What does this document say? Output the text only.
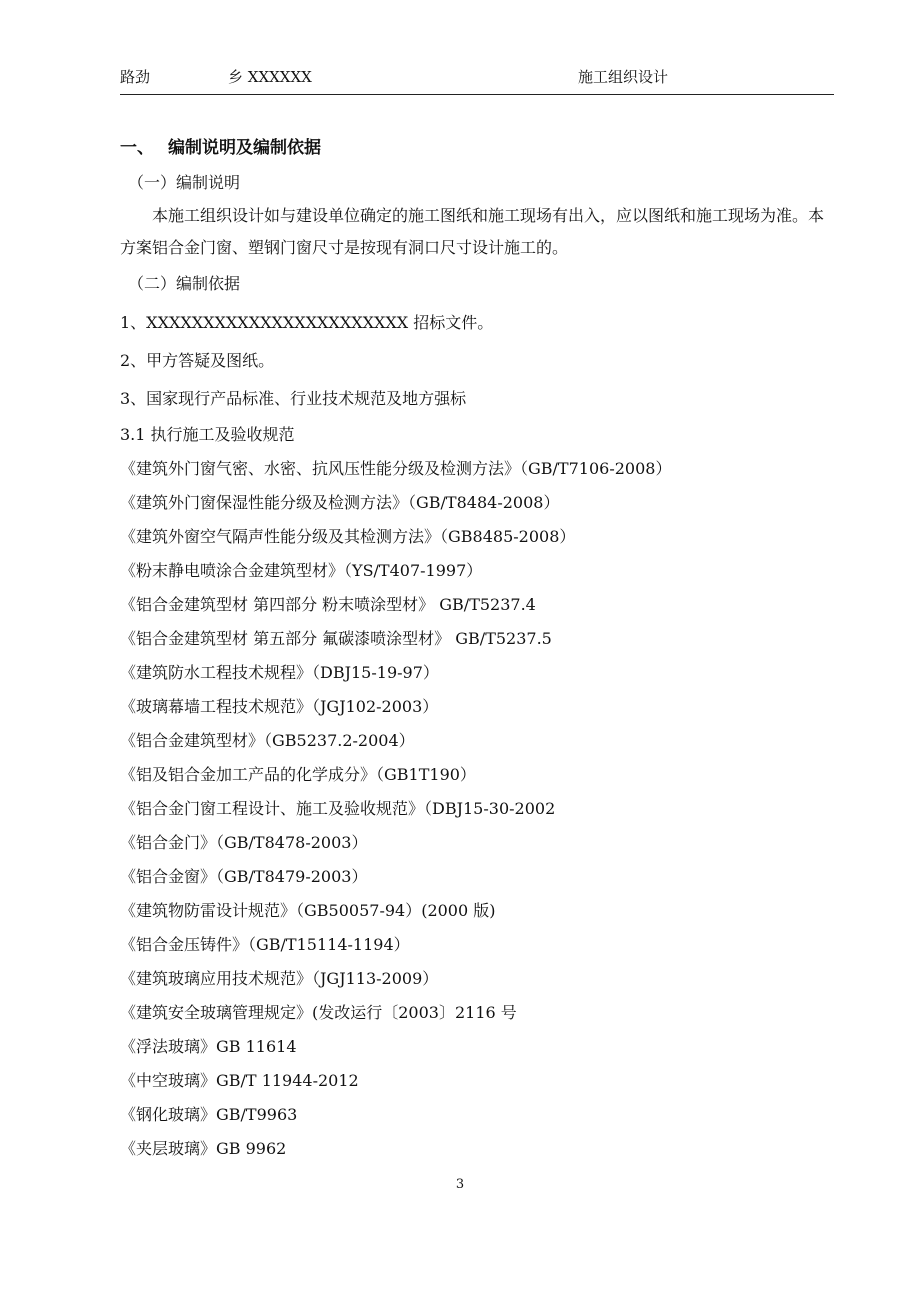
路劲	乡 XXXXXX	施工组织设计
一、 编制说明及编制依据
（一）编制说明

本施工组织设计如与建设单位确定的施工图纸和施工现场有出入，应以图纸和施工现场为准。本方案铝合金门窗、塑钢门窗尺寸是按现有洞口尺寸设计施工的。

（二）编制依据
1、XXXXXXXXXXXXXXXXXXXXXXX 招标文件。
2、甲方答疑及图纸。
3、国家现行产品标准、行业技术规范及地方强标
3.1 执行施工及验收规范
《建筑外门窗气密、水密、抗风压性能分级及检测方法》（GB/T7106-2008）
《建筑外门窗保湿性能分级及检测方法》（GB/T8484-2008）
《建筑外窗空气隔声性能分级及其检测方法》（GB8485-2008）
《粉末静电喷涂合金建筑型材》（YS/T407-1997）
《铝合金建筑型材 第四部分 粉末喷涂型材》 GB/T5237.4
《铝合金建筑型材 第五部分 氟碳漆喷涂型材》 GB/T5237.5
《建筑防水工程技术规程》（DBJ15-19-97）
《玻璃幕墙工程技术规范》（JGJ102-2003）
《铝合金建筑型材》（GB5237.2-2004）
《铝及铝合金加工产品的化学成分》（GB1T190）
《铝合金门窗工程设计、施工及验收规范》（DBJ15-30-2002
《铝合金门》（GB/T8478-2003）
《铝合金窗》（GB/T8479-2003）
《建筑物防雷设计规范》（GB50057-94）(2000 版)
《铝合金压铸件》（GB/T15114-1194）
《建筑玻璃应用技术规范》（JGJ113-2009）
《建筑安全玻璃管理规定》(发改运行〔2003〕2116 号
《浮法玻璃》GB 11614
《中空玻璃》GB/T 11944-2012
《钢化玻璃》GB/T9963
《夹层玻璃》GB 9962
3
